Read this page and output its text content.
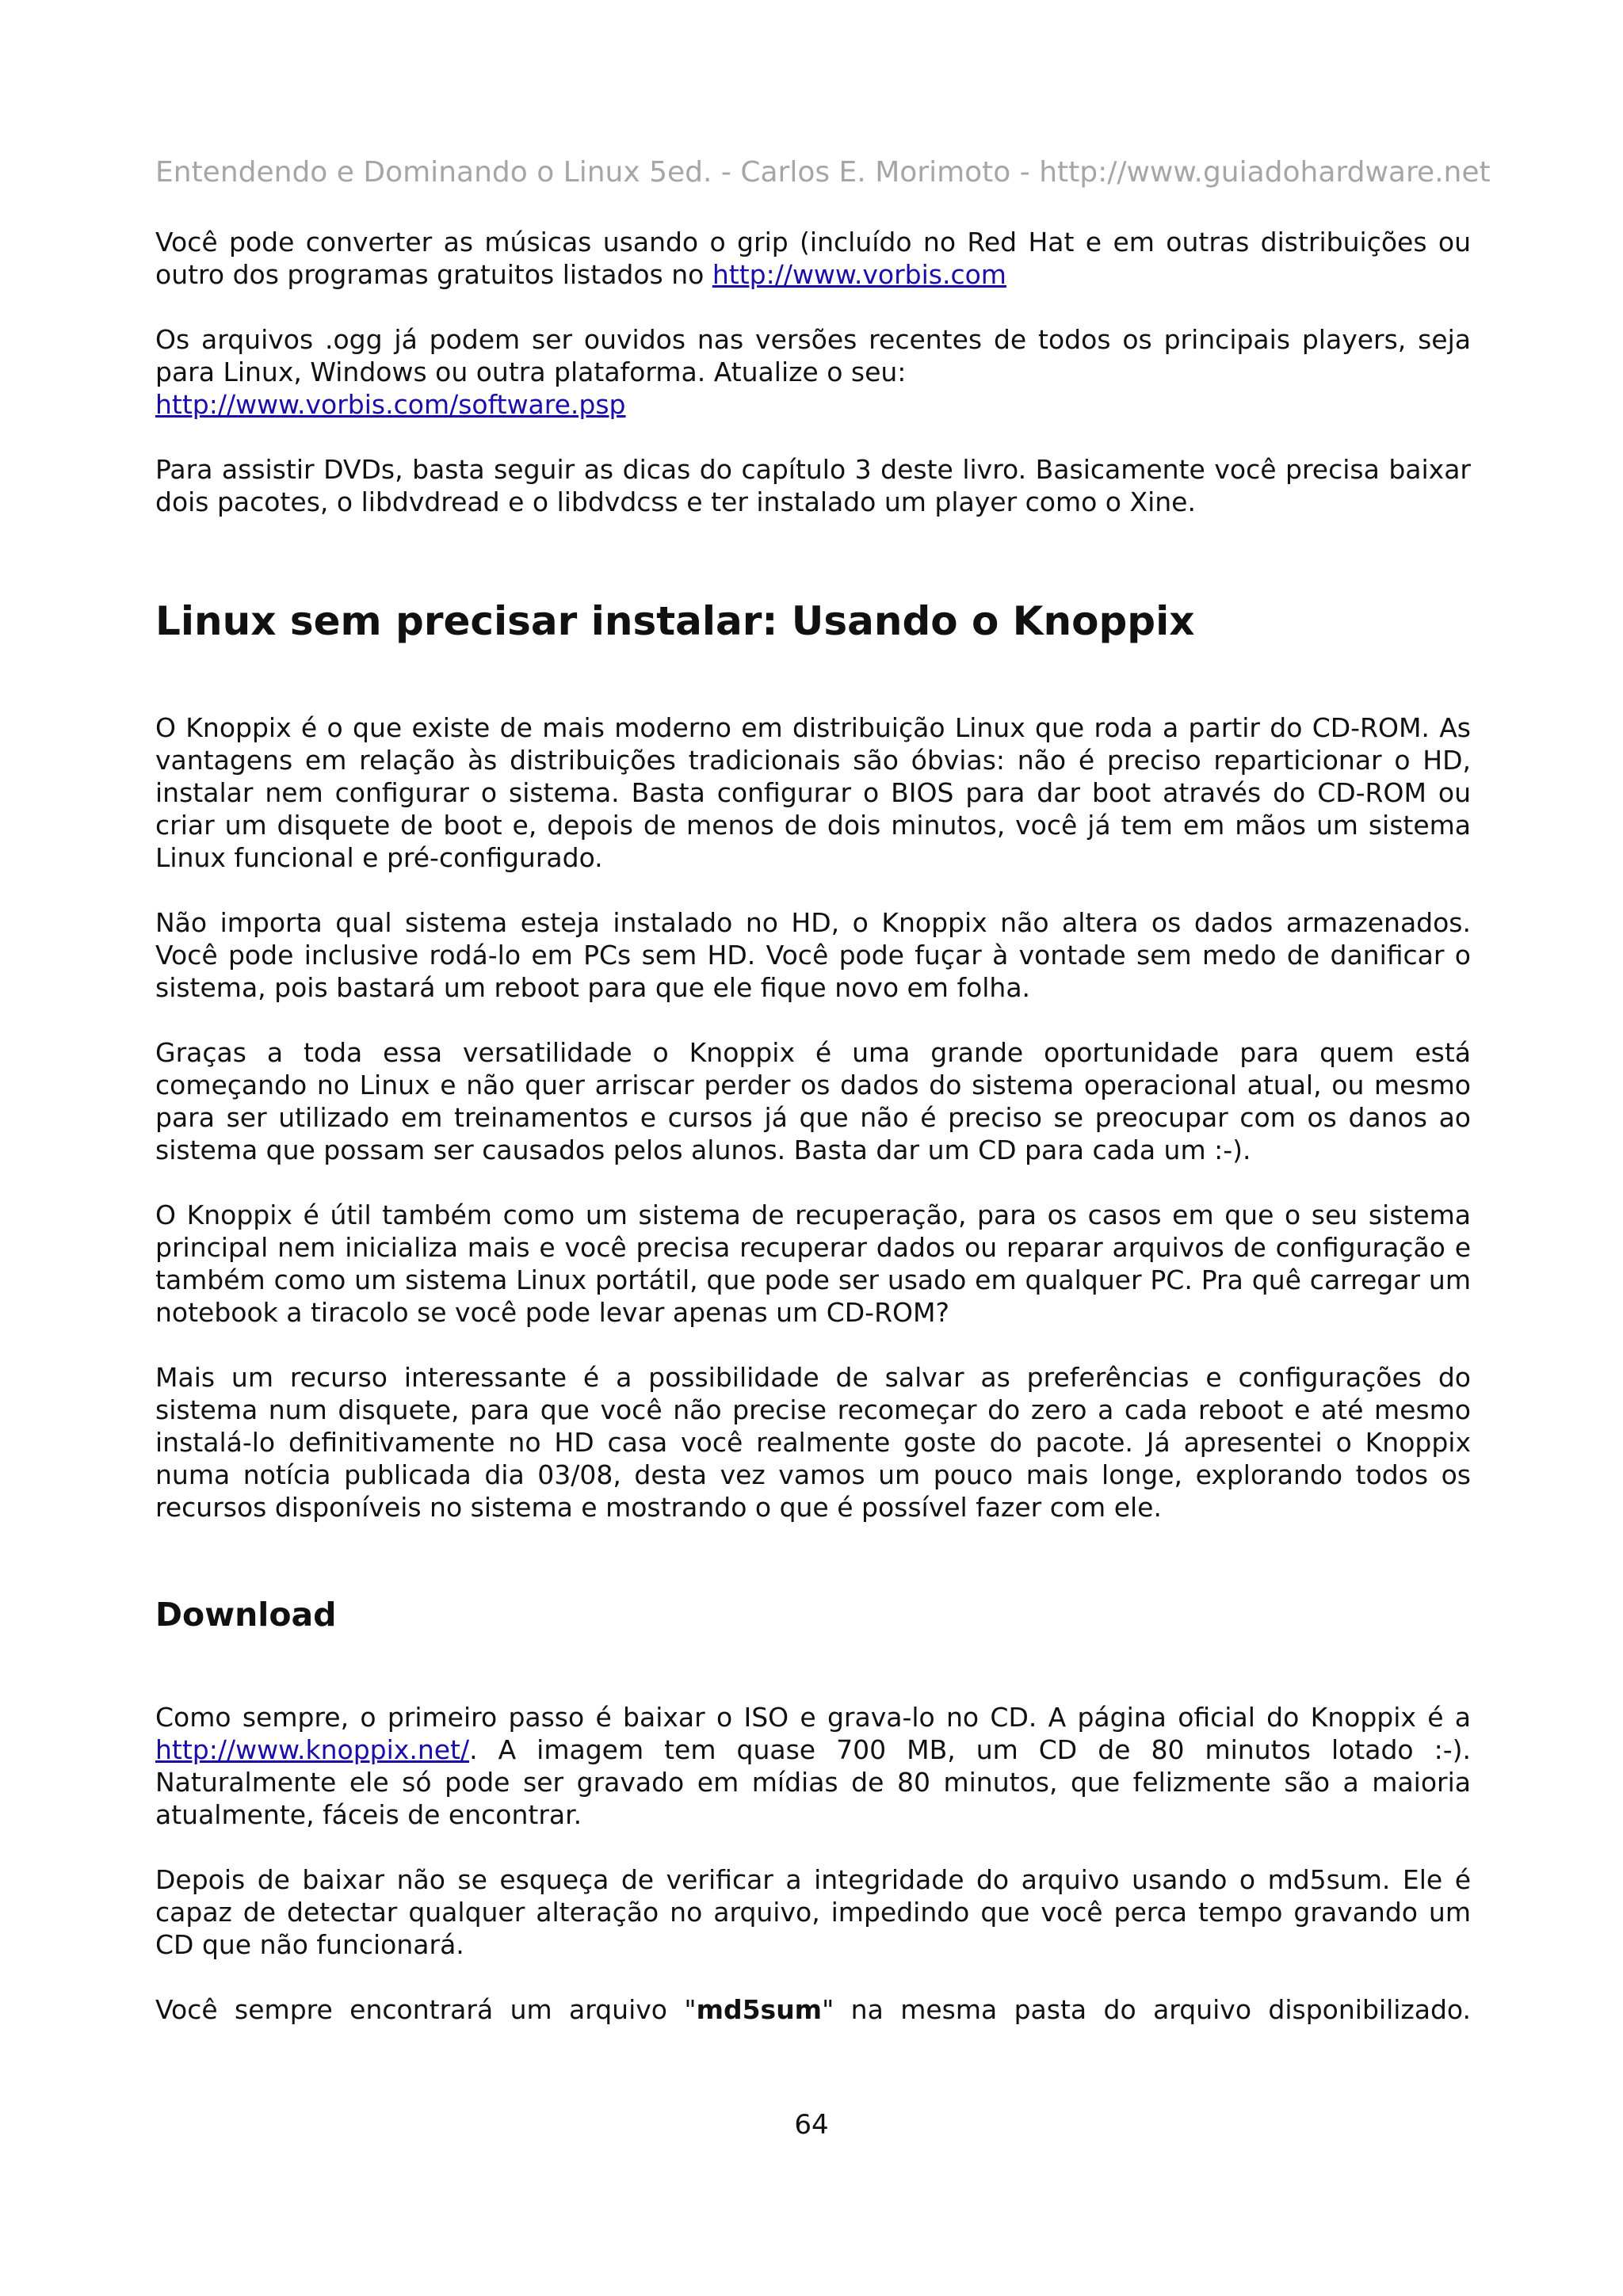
Entendendo e Dominando o Linux 5ed. - Carlos E. Morimoto - http://www.guiadohardware.net

Você pode converter as músicas usando o grip (incluído no Red Hat e em outras distribuições ou outro dos programas gratuitos listados no http://www.vorbis.com

Os arquivos .ogg já podem ser ouvidos nas versões recentes de todos os principais players, seja para Linux, Windows ou outra plataforma. Atualize o seu:
http://www.vorbis.com/software.psp

Para assistir DVDs, basta seguir as dicas do capítulo 3 deste livro. Basicamente você precisa baixar dois pacotes, o libdvdread e o libdvdcss e ter instalado um player como o Xine.

Linux sem precisar instalar: Usando o Knoppix

O Knoppix é o que existe de mais moderno em distribuição Linux que roda a partir do CD-ROM. As vantagens em relação às distribuições tradicionais são óbvias: não é preciso reparticionar o HD, instalar nem configurar o sistema. Basta configurar o BIOS para dar boot através do CD-ROM ou criar um disquete de boot e, depois de menos de dois minutos, você já tem em mãos um sistema Linux funcional e pré-configurado.

Não importa qual sistema esteja instalado no HD, o Knoppix não altera os dados armazenados. Você pode inclusive rodá-lo em PCs sem HD. Você pode fuçar à vontade sem medo de danificar o sistema, pois bastará um reboot para que ele fique novo em folha.

Graças a toda essa versatilidade o Knoppix é uma grande oportunidade para quem está começando no Linux e não quer arriscar perder os dados do sistema operacional atual, ou mesmo para ser utilizado em treinamentos e cursos já que não é preciso se preocupar com os danos ao sistema que possam ser causados pelos alunos. Basta dar um CD para cada um :-).

O Knoppix é útil também como um sistema de recuperação, para os casos em que o seu sistema principal nem inicializa mais e você precisa recuperar dados ou reparar arquivos de configuração e também como um sistema Linux portátil, que pode ser usado em qualquer PC. Pra quê carregar um notebook a tiracolo se você pode levar apenas um CD-ROM?

Mais um recurso interessante é a possibilidade de salvar as preferências e configurações do sistema num disquete, para que você não precise recomeçar do zero a cada reboot e até mesmo instalá-lo definitivamente no HD casa você realmente goste do pacote. Já apresentei o Knoppix numa notícia publicada dia 03/08, desta vez vamos um pouco mais longe, explorando todos os recursos disponíveis no sistema e mostrando o que é possível fazer com ele.

Download

Como sempre, o primeiro passo é baixar o ISO e grava-lo no CD. A página oficial do Knoppix é a http://www.knoppix.net/. A imagem tem quase 700 MB, um CD de 80 minutos lotado :-). Naturalmente ele só pode ser gravado em mídias de 80 minutos, que felizmente são a maioria atualmente, fáceis de encontrar.

Depois de baixar não se esqueça de verificar a integridade do arquivo usando o md5sum. Ele é capaz de detectar qualquer alteração no arquivo, impedindo que você perca tempo gravando um CD que não funcionará.

Você sempre encontrará um arquivo "md5sum" na mesma pasta do arquivo disponibilizado.

64
